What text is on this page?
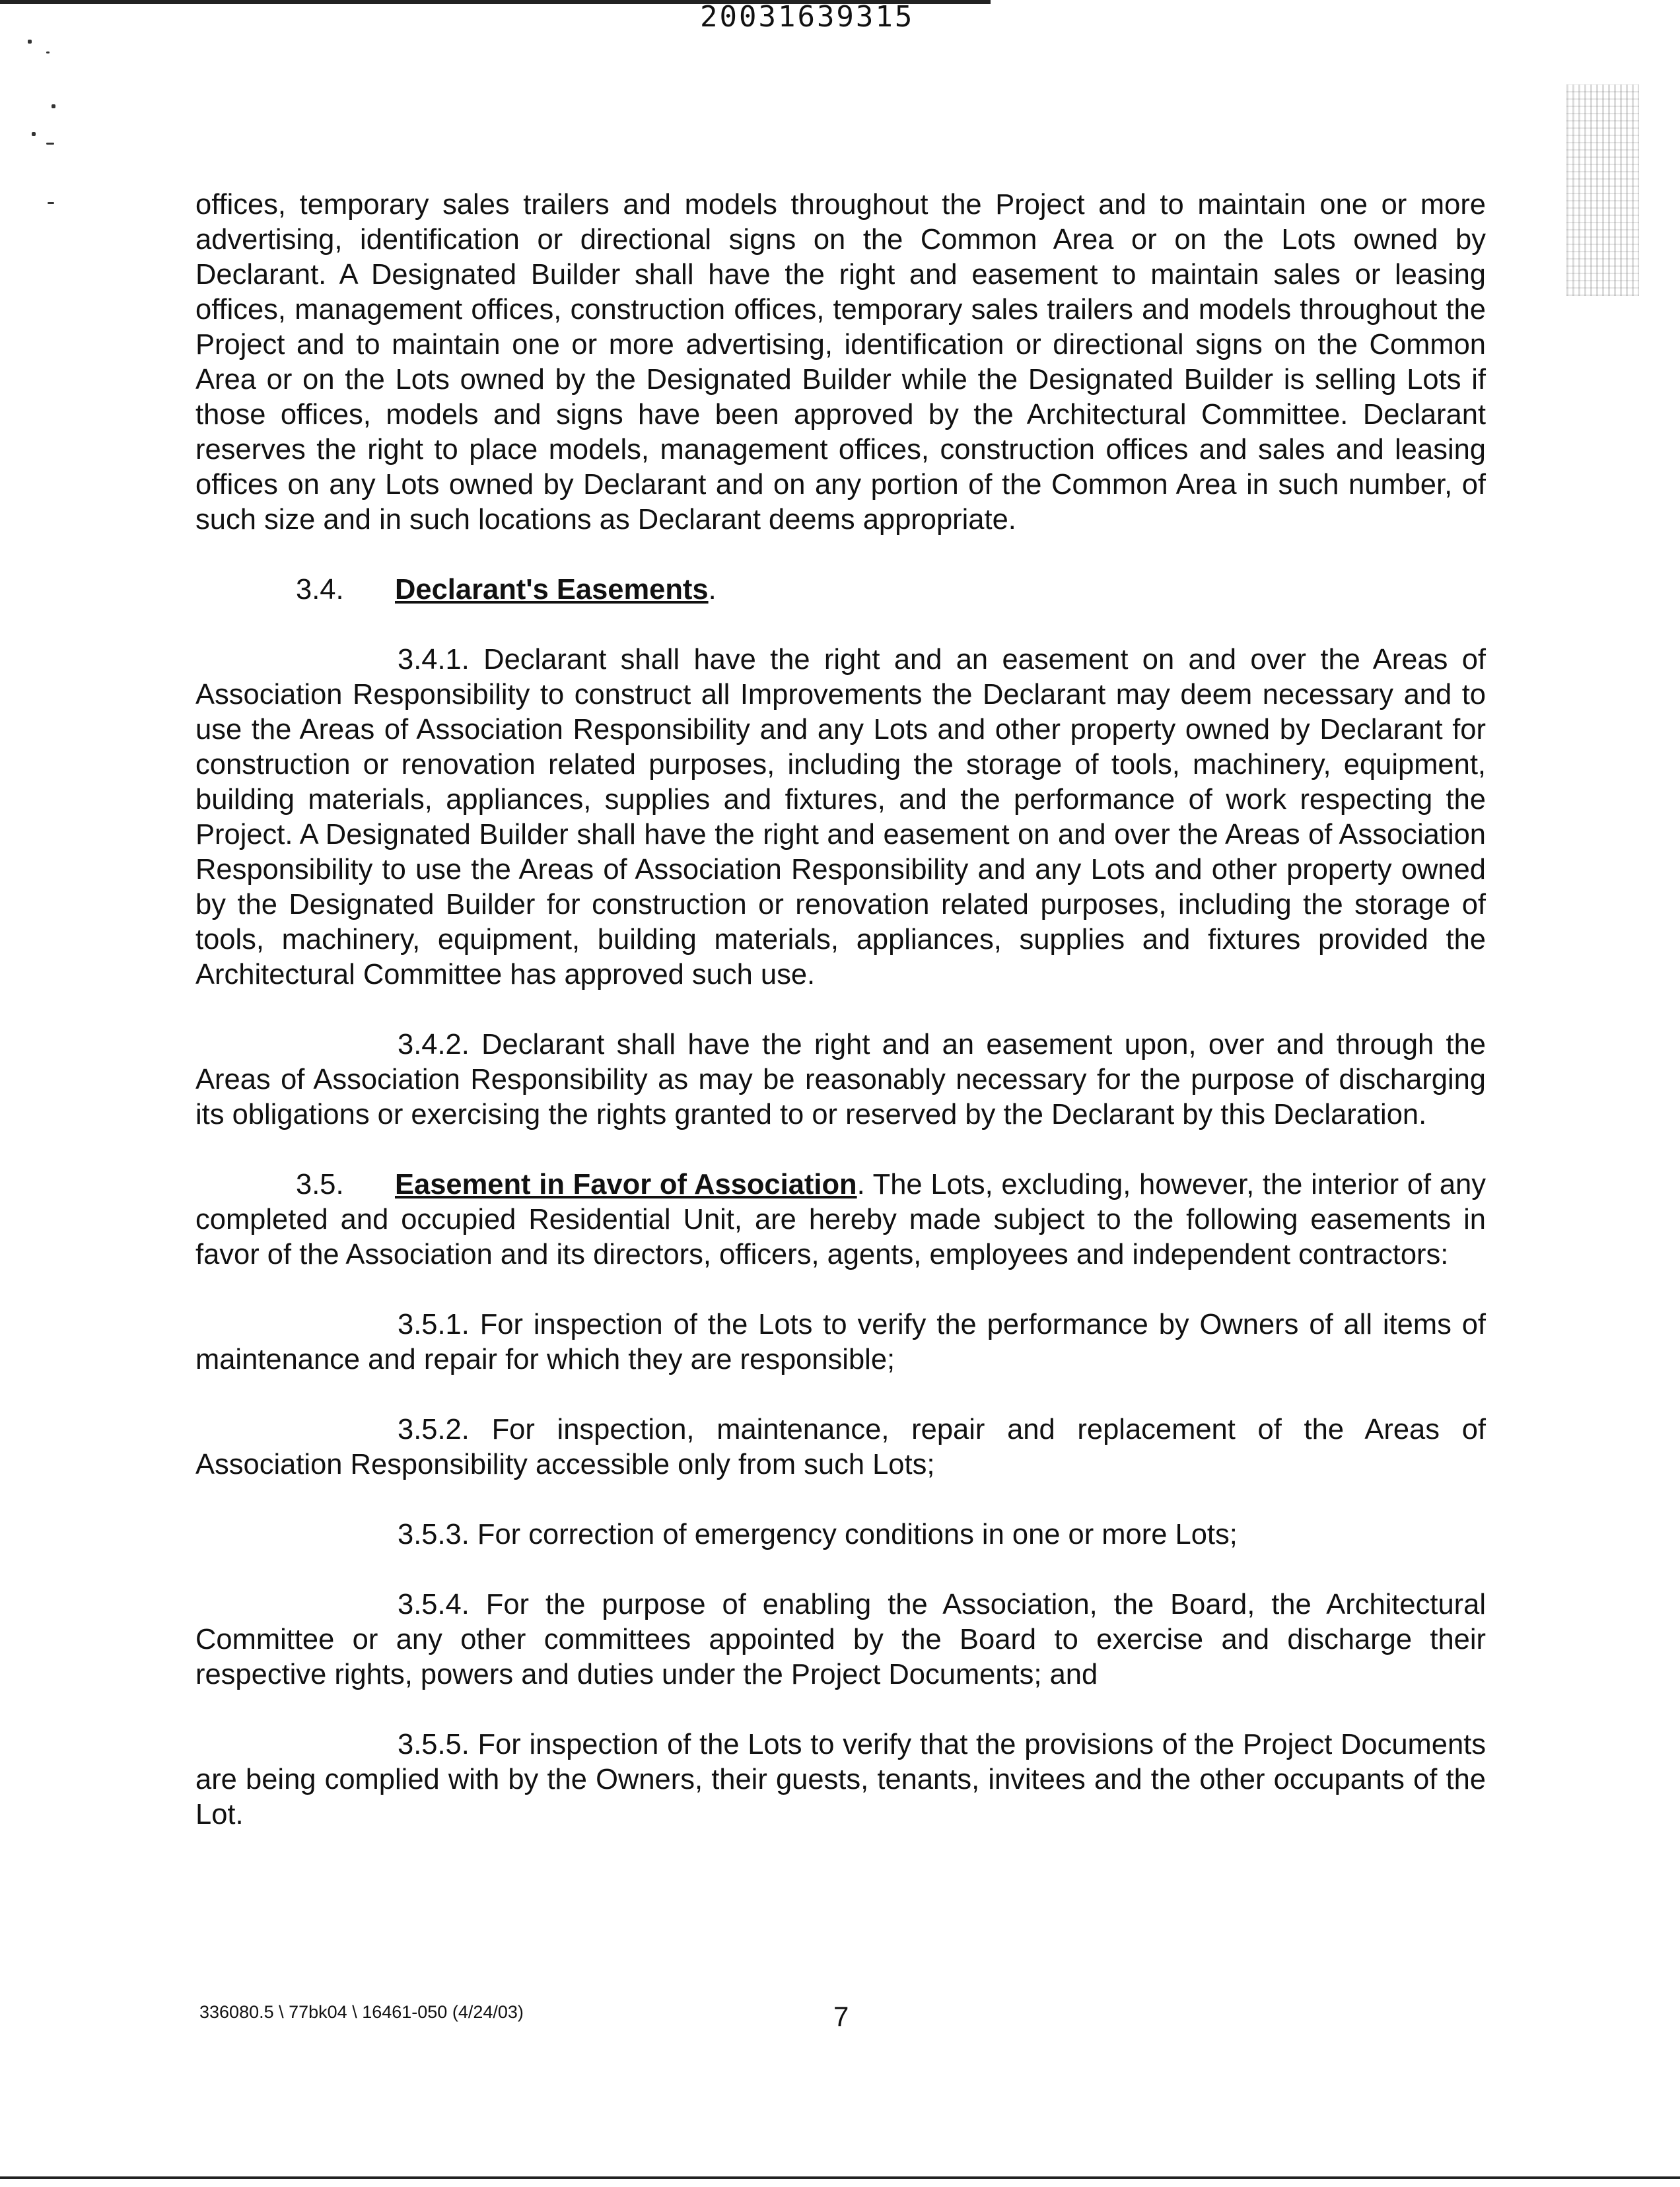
20031639315

offices, temporary sales trailers and models throughout the Project and to maintain one or more advertising, identification or directional signs on the Common Area or on the Lots owned by Declarant. A Designated Builder shall have the right and easement to maintain sales or leasing offices, management offices, construction offices, temporary sales trailers and models throughout the Project and to maintain one or more advertising, identification or directional signs on the Common Area or on the Lots owned by the Designated Builder while the Designated Builder is selling Lots if those offices, models and signs have been approved by the Architectural Committee. Declarant reserves the right to place models, management offices, construction offices and sales and leasing offices on any Lots owned by Declarant and on any portion of the Common Area in such number, of such size and in such locations as Declarant deems appropriate.

3.4. Declarant's Easements.

3.4.1. Declarant shall have the right and an easement on and over the Areas of Association Responsibility to construct all Improvements the Declarant may deem necessary and to use the Areas of Association Responsibility and any Lots and other property owned by Declarant for construction or renovation related purposes, including the storage of tools, machinery, equipment, building materials, appliances, supplies and fixtures, and the performance of work respecting the Project. A Designated Builder shall have the right and easement on and over the Areas of Association Responsibility to use the Areas of Association Responsibility and any Lots and other property owned by the Designated Builder for construction or renovation related purposes, including the storage of tools, machinery, equipment, building materials, appliances, supplies and fixtures provided the Architectural Committee has approved such use.

3.4.2. Declarant shall have the right and an easement upon, over and through the Areas of Association Responsibility as may be reasonably necessary for the purpose of discharging its obligations or exercising the rights granted to or reserved by the Declarant by this Declaration.

3.5. Easement in Favor of Association. The Lots, excluding, however, the interior of any completed and occupied Residential Unit, are hereby made subject to the following easements in favor of the Association and its directors, officers, agents, employees and independent contractors:

3.5.1. For inspection of the Lots to verify the performance by Owners of all items of maintenance and repair for which they are responsible;

3.5.2. For inspection, maintenance, repair and replacement of the Areas of Association Responsibility accessible only from such Lots;

3.5.3. For correction of emergency conditions in one or more Lots;

3.5.4. For the purpose of enabling the Association, the Board, the Architectural Committee or any other committees appointed by the Board to exercise and discharge their respective rights, powers and duties under the Project Documents; and

3.5.5. For inspection of the Lots to verify that the provisions of the Project Documents are being complied with by the Owners, their guests, tenants, invitees and the other occupants of the Lot.

336080.5 \ 77bk04 \ 16461-050 (4/24/03)	7
